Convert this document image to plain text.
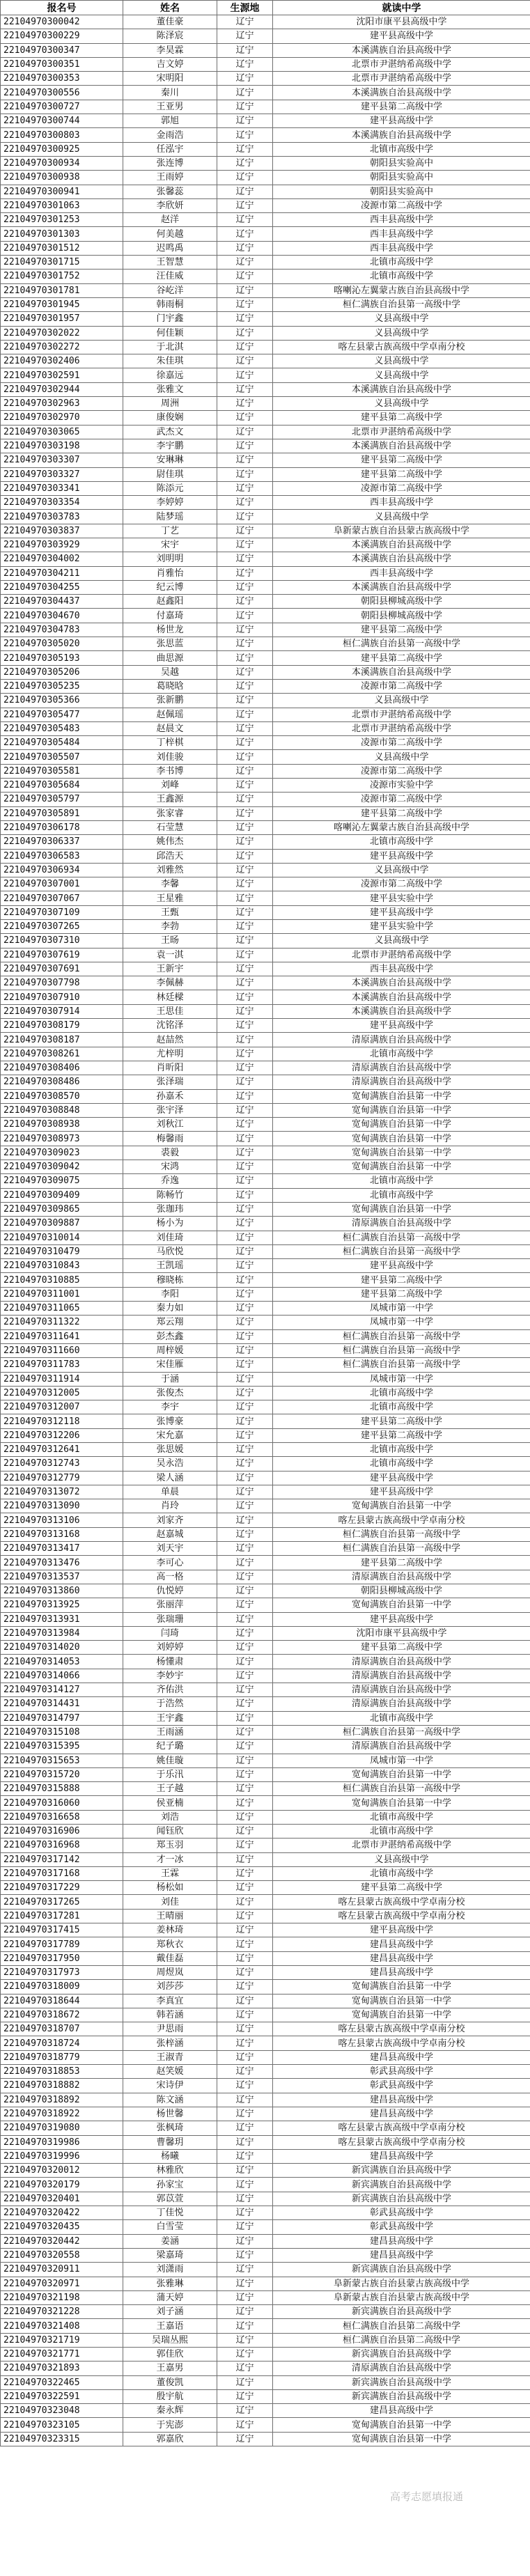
报名号	姓名	生源地	就读中学
22104970300042	董佳豪	辽宁	沈阳市康平县高级中学
22104970300229	陈泽宸	辽宁	建平县高级中学
22104970300347	李昊霖	辽宁	本溪满族自治县高级中学
22104970300351	吉文婷	辽宁	北票市尹湛纳希高级中学
22104970300353	宋明阳	辽宁	北票市尹湛纳希高级中学
22104970300556	秦川	辽宁	本溪满族自治县高级中学
22104970300727	王亚男	辽宁	建平县第二高级中学
22104970300744	郭旭	辽宁	建平县高级中学
22104970300803	金雨浩	辽宁	本溪满族自治县高级中学
22104970300925	任泓宇	辽宁	北镇市高级中学
22104970300934	张连博	辽宁	朝阳县实验高中
22104970300938	王雨婷	辽宁	朝阳县实验高中
22104970300941	张馨蕊	辽宁	朝阳县实验高中
22104970301063	李欣妍	辽宁	凌源市第二高级中学
22104970301253	赵洋	辽宁	西丰县高级中学
22104970301303	何美越	辽宁	西丰县高级中学
22104970301512	迟鸣禹	辽宁	西丰县高级中学
22104970301715	王智慧	辽宁	北镇市高级中学
22104970301752	汪佳威	辽宁	北镇市高级中学
22104970301781	谷屹洋	辽宁	喀喇沁左翼蒙古族自治县高级中学
22104970301945	韩雨桐	辽宁	桓仁满族自治县第一高级中学
22104970301957	门宇鑫	辽宁	义县高级中学
22104970302022	何佳颖	辽宁	义县高级中学
22104970302272	于北淇	辽宁	喀左县蒙古族高级中学卓南分校
22104970302406	朱佳琪	辽宁	义县高级中学
22104970302591	徐嘉远	辽宁	义县高级中学
22104970302944	张雅文	辽宁	本溪满族自治县高级中学
22104970302963	周洲	辽宁	义县高级中学
22104970302970	康俊娴	辽宁	建平县第二高级中学
22104970303065	武杰文	辽宁	北票市尹湛纳希高级中学
22104970303198	李宇鹏	辽宁	本溪满族自治县高级中学
22104970303307	安琳琳	辽宁	建平县第二高级中学
22104970303327	尉佳琪	辽宁	建平县第二高级中学
22104970303341	陈添元	辽宁	凌源市第二高级中学
22104970303354	李婷婷	辽宁	西丰县高级中学
22104970303783	陆梦瑶	辽宁	义县高级中学
22104970303837	丁艺	辽宁	阜新蒙古族自治县蒙古族高级中学
22104970303929	宋宇	辽宁	本溪满族自治县高级中学
22104970304002	刘明明	辽宁	本溪满族自治县高级中学
22104970304211	肖雅怡	辽宁	西丰县高级中学
22104970304255	纪云博	辽宁	本溪满族自治县高级中学
22104970304437	赵鑫阳	辽宁	朝阳县柳城高级中学
22104970304670	付嘉琦	辽宁	朝阳县柳城高级中学
22104970304783	杨世龙	辽宁	建平县第二高级中学
22104970305020	张思蓝	辽宁	桓仁满族自治县第一高级中学
22104970305193	曲思源	辽宁	建平县第二高级中学
22104970305206	吴越	辽宁	本溪满族自治县高级中学
22104970305235	葛晓晗	辽宁	凌源市第二高级中学
22104970305366	张新鹏	辽宁	义县高级中学
22104970305477	赵佩瑶	辽宁	北票市尹湛纳希高级中学
22104970305483	赵晨文	辽宁	北票市尹湛纳希高级中学
22104970305484	丁梓棋	辽宁	凌源市第二高级中学
22104970305507	刘佳骏	辽宁	义县高级中学
22104970305581	李书博	辽宁	凌源市第二高级中学
22104970305684	刘峰	辽宁	凌源市实验中学
22104970305797	王鑫源	辽宁	凌源市第二高级中学
22104970305891	张家睿	辽宁	建平县第二高级中学
22104970306178	石莹慧	辽宁	喀喇沁左翼蒙古族自治县高级中学
22104970306337	姚伟杰	辽宁	北镇市高级中学
22104970306583	邱浩天	辽宁	建平县高级中学
22104970306934	刘雅然	辽宁	义县高级中学
22104970307001	李馨	辽宁	凌源市第二高级中学
22104970307067	王星雅	辽宁	建平县实验中学
22104970307109	王甄	辽宁	建平县高级中学
22104970307265	李勃	辽宁	建平县实验中学
22104970307310	王旸	辽宁	义县高级中学
22104970307619	袁一淇	辽宁	北票市尹湛纳希高级中学
22104970307691	王新宇	辽宁	西丰县高级中学
22104970307798	李佩赫	辽宁	本溪满族自治县高级中学
22104970307910	林廷樑	辽宁	本溪满族自治县高级中学
22104970307914	王思佳	辽宁	本溪满族自治县高级中学
22104970308179	沈铭泽	辽宁	建平县高级中学
22104970308187	赵喆然	辽宁	清原满族自治县高级中学
22104970308261	尤梓明	辽宁	北镇市高级中学
22104970308406	肖昕阳	辽宁	清原满族自治县高级中学
22104970308486	张泽瑞	辽宁	清原满族自治县高级中学
22104970308570	孙嘉禾	辽宁	宽甸满族自治县第一中学
22104970308848	张宇泽	辽宁	宽甸满族自治县第一中学
22104970308938	刘秋江	辽宁	宽甸满族自治县第一中学
22104970308973	梅馨雨	辽宁	宽甸满族自治县第一中学
22104970309023	裘毅	辽宁	宽甸满族自治县第一中学
22104970309042	宋鸿	辽宁	宽甸满族自治县第一中学
22104970309075	乔逸	辽宁	北镇市高级中学
22104970309409	陈畅竹	辽宁	北镇市高级中学
22104970309865	张珈玮	辽宁	宽甸满族自治县第一中学
22104970309887	杨小为	辽宁	清原满族自治县高级中学
22104970310014	刘佳琦	辽宁	桓仁满族自治县第一高级中学
22104970310479	马欣悦	辽宁	桓仁满族自治县第一高级中学
22104970310843	王凯瑶	辽宁	建平县高级中学
22104970310885	穆晓栋	辽宁	建平县第二高级中学
22104970311001	李阳	辽宁	建平县第二高级中学
22104970311065	秦力如	辽宁	凤城市第一中学
22104970311322	郑云翔	辽宁	凤城市第一中学
22104970311641	彭杰鑫	辽宁	桓仁满族自治县第一高级中学
22104970311660	周梓媛	辽宁	桓仁满族自治县第一高级中学
22104970311783	宋佳雁	辽宁	桓仁满族自治县第一高级中学
22104970311914	于涵	辽宁	凤城市第一中学
22104970312005	张俊杰	辽宁	北镇市高级中学
22104970312007	李宇	辽宁	北镇市高级中学
22104970312118	张博豪	辽宁	建平县第二高级中学
22104970312206	宋允嘉	辽宁	建平县第二高级中学
22104970312641	张思媛	辽宁	北镇市高级中学
22104970312743	吴永浩	辽宁	北镇市高级中学
22104970312779	梁人涵	辽宁	建平县高级中学
22104970313072	单晨	辽宁	建平县高级中学
22104970313090	肖玲	辽宁	宽甸满族自治县第一中学
22104970313106	刘家齐	辽宁	喀左县蒙古族高级中学卓南分校
22104970313168	赵嘉城	辽宁	桓仁满族自治县第一高级中学
22104970313417	刘天宇	辽宁	桓仁满族自治县第一高级中学
22104970313476	李可心	辽宁	建平县第二高级中学
22104970313537	高一格	辽宁	清原满族自治县高级中学
22104970313860	仇悦婷	辽宁	朝阳县柳城高级中学
22104970313925	张丽萍	辽宁	宽甸满族自治县第一中学
22104970313931	张瑞珊	辽宁	建平县高级中学
22104970313984	闫琦	辽宁	沈阳市康平县高级中学
22104970314020	刘婷婷	辽宁	建平县第二高级中学
22104970314053	杨懂肃	辽宁	清原满族自治县高级中学
22104970314066	李妙宇	辽宁	清原满族自治县高级中学
22104970314127	齐佑洪	辽宁	清原满族自治县高级中学
22104970314431	于浩然	辽宁	清原满族自治县高级中学
22104970314797	王宇鑫	辽宁	北镇市高级中学
22104970315108	王雨涵	辽宁	桓仁满族自治县第一高级中学
22104970315395	纪子璐	辽宁	清原满族自治县高级中学
22104970315653	姚佳璇	辽宁	凤城市第一中学
22104970315720	于乐汛	辽宁	宽甸满族自治县第一中学
22104970315888	王子越	辽宁	桓仁满族自治县第一高级中学
22104970316060	侯亚楠	辽宁	宽甸满族自治县第一中学
22104970316658	刘浩	辽宁	北镇市高级中学
22104970316906	闻钰欣	辽宁	北镇市高级中学
22104970316968	郑玉羽	辽宁	北票市尹湛纳希高级中学
22104970317142	才一冰	辽宁	义县高级中学
22104970317168	王霖	辽宁	北镇市高级中学
22104970317229	杨松如	辽宁	建平县第二高级中学
22104970317265	刘佳	辽宁	喀左县蒙古族高级中学卓南分校
22104970317281	王晴丽	辽宁	喀左县蒙古族高级中学卓南分校
22104970317415	姜林琦	辽宁	建平县高级中学
22104970317789	郑秋衣	辽宁	建昌县高级中学
22104970317950	戴佳磊	辽宁	建昌县高级中学
22104970317973	周煜岚	辽宁	建昌县高级中学
22104970318009	刘莎莎	辽宁	宽甸满族自治县第一中学
22104970318644	李真宜	辽宁	宽甸满族自治县第一中学
22104970318672	韩若涵	辽宁	宽甸满族自治县第一中学
22104970318707	尹思雨	辽宁	喀左县蒙古族高级中学卓南分校
22104970318724	张梓涵	辽宁	喀左县蒙古族高级中学卓南分校
22104970318779	王淑青	辽宁	建昌县高级中学
22104970318853	赵笑媛	辽宁	彰武县高级中学
22104970318882	宋诗伊	辽宁	彰武县高级中学
22104970318892	陈文涵	辽宁	建昌县高级中学
22104970318922	杨世馨	辽宁	建昌县高级中学
22104970319080	张枫琦	辽宁	喀左县蒙古族高级中学卓南分校
22104970319986	曹馨玥	辽宁	喀左县蒙古族高级中学卓南分校
22104970319996	杨曦	辽宁	建昌县高级中学
22104970320012	林雅欣	辽宁	新宾满族自治县高级中学
22104970320179	孙家宝	辽宁	新宾满族自治县高级中学
22104970320401	郭苡萱	辽宁	新宾满族自治县高级中学
22104970320422	丁佳悦	辽宁	彰武县高级中学
22104970320435	白雪莹	辽宁	彰武县高级中学
22104970320442	姜涵	辽宁	建昌县高级中学
22104970320558	梁嘉琦	辽宁	建昌县高级中学
22104970320911	刘潇雨	辽宁	新宾满族自治县高级中学
22104970320971	张雅琳	辽宁	阜新蒙古族自治县蒙古族高级中学
22104970321198	蒲天婷	辽宁	阜新蒙古族自治县蒙古族高级中学
22104970321228	刘子涵	辽宁	新宾满族自治县高级中学
22104970321408	王嘉语	辽宁	桓仁满族自治县第二高级中学
22104970321719	吴瑞丛熙	辽宁	桓仁满族自治县第二高级中学
22104970321771	郭佳欣	辽宁	新宾满族自治县高级中学
22104970321893	王嘉男	辽宁	清原满族自治县高级中学
22104970322465	董俊凯	辽宁	新宾满族自治县高级中学
22104970322591	殷宇航	辽宁	新宾满族自治县高级中学
22104970323048	秦永辉	辽宁	建昌县高级中学
22104970323105	于宪澎	辽宁	宽甸满族自治县第一中学
22104970323315	郭嘉欣	辽宁	宽甸满族自治县第一中学
高考志愿填报通
